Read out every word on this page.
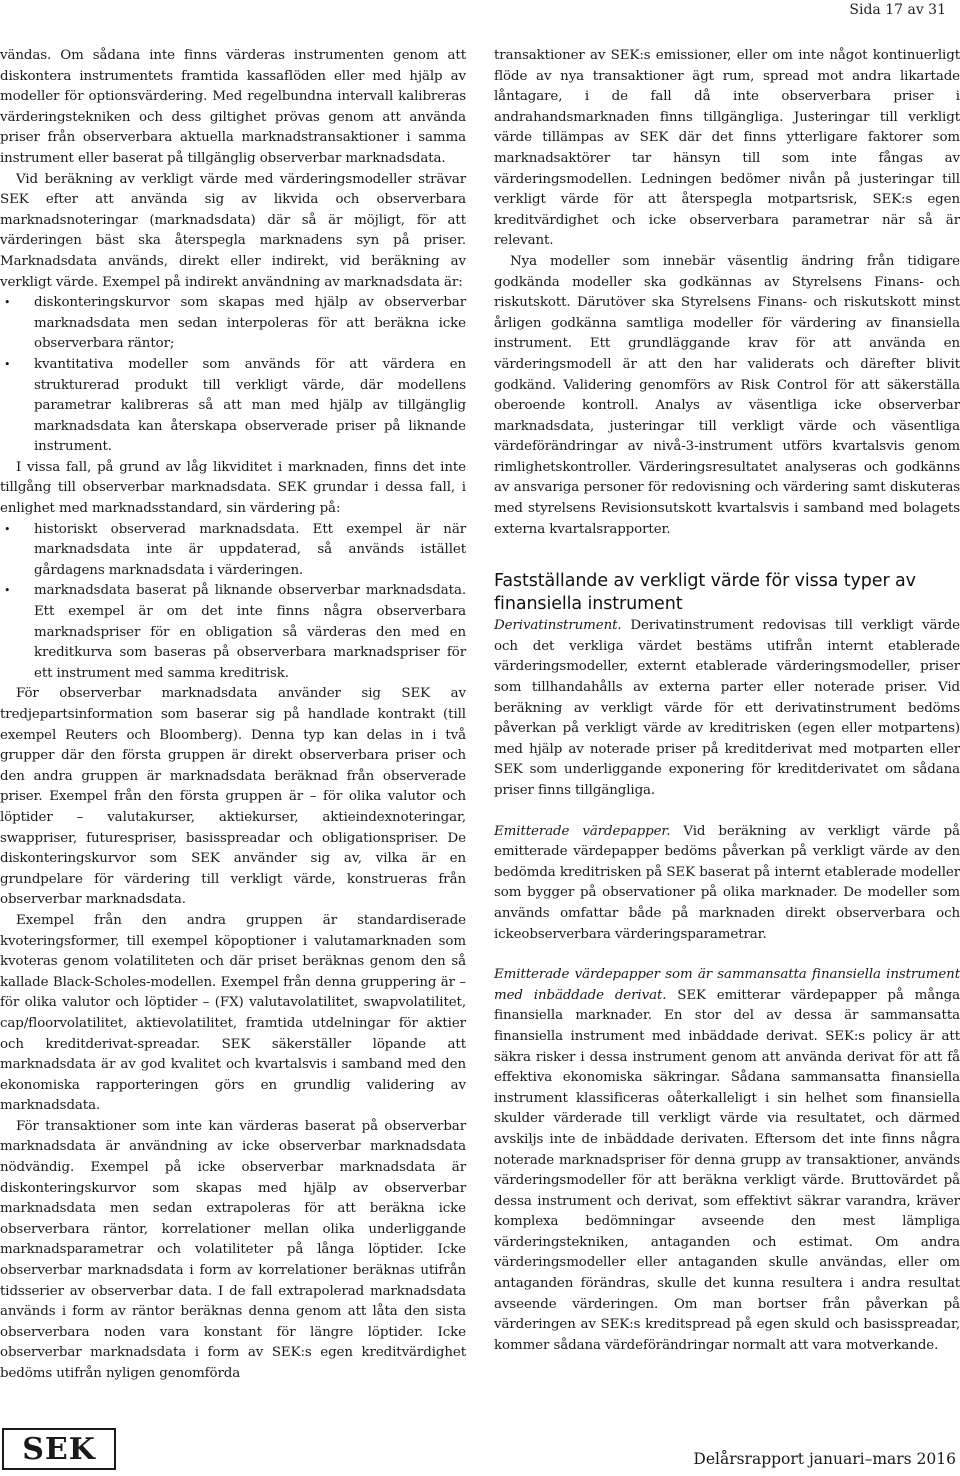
Sida 17 av 31

vändas. Om sådana inte finns värderas instrumenten genom att diskontera instrumentets framtida kassaflöden eller med hjälp av modeller för optionsvärdering. Med regelbundna intervall kalibreras värderingstekniken och dess giltighet prövas genom att använda priser från observerbara aktuella marknadstransaktioner i samma instrument eller baserat på tillgänglig observerbar marknadsdata.

Vid beräkning av verkligt värde med värderingsmodeller strävar SEK efter att använda sig av likvida och observerbara marknadsnoteringar (marknadsdata) där så är möjligt, för att värderingen bäst ska återspegla marknadens syn på priser. Marknadsdata används, direkt eller indirekt, vid beräkning av verkligt värde. Exempel på indirekt användning av marknadsdata är:

• diskonteringskurvor som skapas med hjälp av observerbar marknadsdata men sedan interpoleras för att beräkna icke observerbara räntor;
• kvantitativa modeller som används för att värdera en strukturerad produkt till verkligt värde, där modellens parametrar kalibreras så att man med hjälp av tillgänglig marknadsdata kan återskapa observerade priser på liknande instrument.

I vissa fall, på grund av låg likviditet i marknaden, finns det inte tillgång till observerbar marknadsdata. SEK grundar i dessa fall, i enlighet med marknadsstandard, sin värdering på:

• historiskt observerad marknadsdata. Ett exempel är när marknadsdata inte är uppdaterad, så används istället gårdagens marknadsdata i värderingen.
• marknadsdata baserat på liknande observerbar marknadsdata. Ett exempel är om det inte finns några observerbara marknadspriser för en obligation så värderas den med en kreditkurva som baseras på observerbara marknadspriser för ett instrument med samma kreditrisk.

För observerbar marknadsdata använder sig SEK av tredjepartsinformation som baserar sig på handlade kontrakt (till exempel Reuters och Bloomberg). Denna typ kan delas in i två grupper där den första gruppen är direkt observerbara priser och den andra gruppen är marknadsdata beräknad från observerade priser. Exempel från den första gruppen är – för olika valutor och löptider – valutakurser, aktiekurser, aktieindexnoteringar, swappriser, futurespriser, basisspreadar och obligationspriser. De diskonteringskurvor som SEK använder sig av, vilka är en grundpelare för värdering till verkligt värde, konstrueras från observerbar marknadsdata.

Exempel från den andra gruppen är standardiserade kvoteringsformer, till exempel köpoptioner i valutamarknaden som kvoteras genom volatiliteten och där priset beräknas genom den så kallade Black-Scholes-modellen. Exempel från denna gruppering är – för olika valutor och löptider – (FX) valutavolatilitet, swapvolatilitet, cap/floorvolatilitet, aktievolatilitet, framtida utdelningar för aktier och kreditderivat-spreadar. SEK säkerställer löpande att marknadsdata är av god kvalitet och kvartalsvis i samband med den ekonomiska rapporteringen görs en grundlig validering av marknadsdata.

För transaktioner som inte kan värderas baserat på observerbar marknadsdata är användning av icke observerbar marknadsdata nödvändig. Exempel på icke observerbar marknadsdata är diskonteringskurvor som skapas med hjälp av observerbar marknadsdata men sedan extrapoleras för att beräkna icke observerbara räntor, korrelationer mellan olika underliggande marknadsparametrar och volatiliteter på långa löptider. Icke observerbar marknadsdata i form av korrelationer beräknas utifrån tidsserier av observerbar data. I de fall extrapolerad marknadsdata används i form av räntor beräknas denna genom att låta den sista observerbara noden vara konstant för längre löptider. Icke observerbar marknadsdata i form av SEK:s egen kreditvärdighet bedöms utifrån nyligen genomförda

transaktioner av SEK:s emissioner, eller om inte något kontinuerligt flöde av nya transaktioner ägt rum, spread mot andra likartade låntagare, i de fall då inte observerbara priser i andrahandsmarknaden finns tillgängliga. Justeringar till verkligt värde tillämpas av SEK där det finns ytterligare faktorer som marknadsaktörer tar hänsyn till som inte fångas av värderingsmodellen. Ledningen bedömer nivån på justeringar till verkligt värde för att återspegla motpartsrisk, SEK:s egen kreditvärdighet och icke observerbara parametrar när så är relevant.

Nya modeller som innebär väsentlig ändring från tidigare godkända modeller ska godkännas av Styrelsens Finans- och riskutskott. Därutöver ska Styrelsens Finans- och riskutskott minst årligen godkänna samtliga modeller för värdering av finansiella instrument. Ett grundläggande krav för att använda en värderingsmodell är att den har validerats och därefter blivit godkänd. Validering genomförs av Risk Control för att säkerställa oberoende kontroll. Analys av väsentliga icke observerbar marknadsdata, justeringar till verkligt värde och väsentliga värdeförändringar av nivå-3-instrument utförs kvartalsvis genom rimlighetskontroller. Värderingsresultatet analyseras och godkänns av ansvariga personer för redovisning och värdering samt diskuteras med styrelsens Revisionsutskott kvartalsvis i samband med bolagets externa kvartalsrapporter.

Fastställande av verkligt värde för vissa typer av finansiella instrument

Derivatinstrument. Derivatinstrument redovisas till verkligt värde och det verkliga värdet bestäms utifrån internt etablerade värderingsmodeller, externt etablerade värderingsmodeller, priser som tillhandahålls av externa parter eller noterade priser. Vid beräkning av verkligt värde för ett derivatinstrument bedöms påverkan på verkligt värde av kreditrisken (egen eller motpartens) med hjälp av noterade priser på kreditderivat med motparten eller SEK som underliggande exponering för kreditderivatet om sådana priser finns tillgängliga.

Emitterade värdepapper. Vid beräkning av verkligt värde på emitterade värdepapper bedöms påverkan på verkligt värde av den bedömda kreditrisken på SEK baserat på internt etablerade modeller som bygger på observationer på olika marknader. De modeller som används omfattar både på marknaden direkt observerbara och ickeobserverbara värderingsparametrar.

Emitterade värdepapper som är sammansatta finansiella instrument med inbäddade derivat. SEK emitterar värdepapper på många finansiella marknader. En stor del av dessa är sammansatta finansiella instrument med inbäddade derivat. SEK:s policy är att säkra risker i dessa instrument genom att använda derivat för att få effektiva ekonomiska säkringar. Sådana sammansatta finansiella instrument klassificeras oåterkalleligt i sin helhet som finansiella skulder värderade till verkligt värde via resultatet, och därmed avskiljs inte de inbäddade derivaten. Eftersom det inte finns några noterade marknadspriser för denna grupp av transaktioner, används värderingsmodeller för att beräkna verkligt värde. Bruttovärdet på dessa instrument och derivat, som effektivt säkrar varandra, kräver komplexa bedömningar avseende den mest lämpliga värderingstekniken, antaganden och estimat. Om andra värderingsmodeller eller antaganden skulle användas, eller om antaganden förändras, skulle det kunna resultera i andra resultat avseende värderingen. Om man bortser från påverkan på värderingen av SEK:s kreditspread på egen skuld och basisspreadar, kommer sådana värdeförändringar normalt att vara motverkande.

SEK	Delårsrapport januari–mars 2016
